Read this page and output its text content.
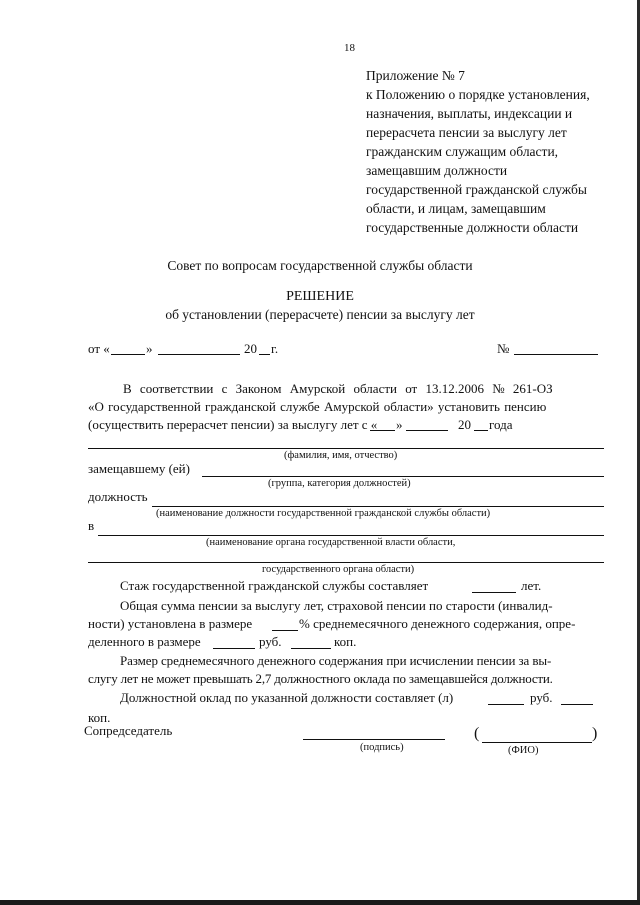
18
Приложение № 7
к Положению о порядке установления,
назначения, выплаты, индексации и
перерасчета пенсии за выслугу лет
гражданским служащим области,
замещавшим должности
государственной гражданской службы
области, и лицам, замещавшим
государственные должности области
Совет по вопросам государственной службы области
РЕШЕНИЕ
об установлении (перерасчете) пенсии за выслугу лет
от «	»	20 г.	№
В соответствии с Законом Амурской области от 13.12.2006 № 261-ОЗ
«О государственной гражданской службе Амурской области» установить пенсию
(осуществить перерасчет пенсии) за выслугу лет с « »	20 года
(фамилия, имя, отчество)
замещавшему (ей)
(группа, категория должностей)
должность
(наименование должности государственной гражданской службы области)
в
(наименование органа государственной власти области,
государственного органа области)
Стаж государственной гражданской службы составляет	лет.
Общая сумма пенсии за выслугу лет, страховой пенсии по старости (инвалид-
ности) установлена в размере	% среднемесячного денежного содержания, опре-
деленного в размере	руб.	коп.
Размер среднемесячного денежного содержания при исчислении пенсии за вы-
слугу лет не может превышать 2,7 должностного оклада по замещавшейся должности.
Должностной оклад по указанной должности составляет (л)	руб.
коп.
Сопредседатель
(подпись)
(	)
(ФИО)
